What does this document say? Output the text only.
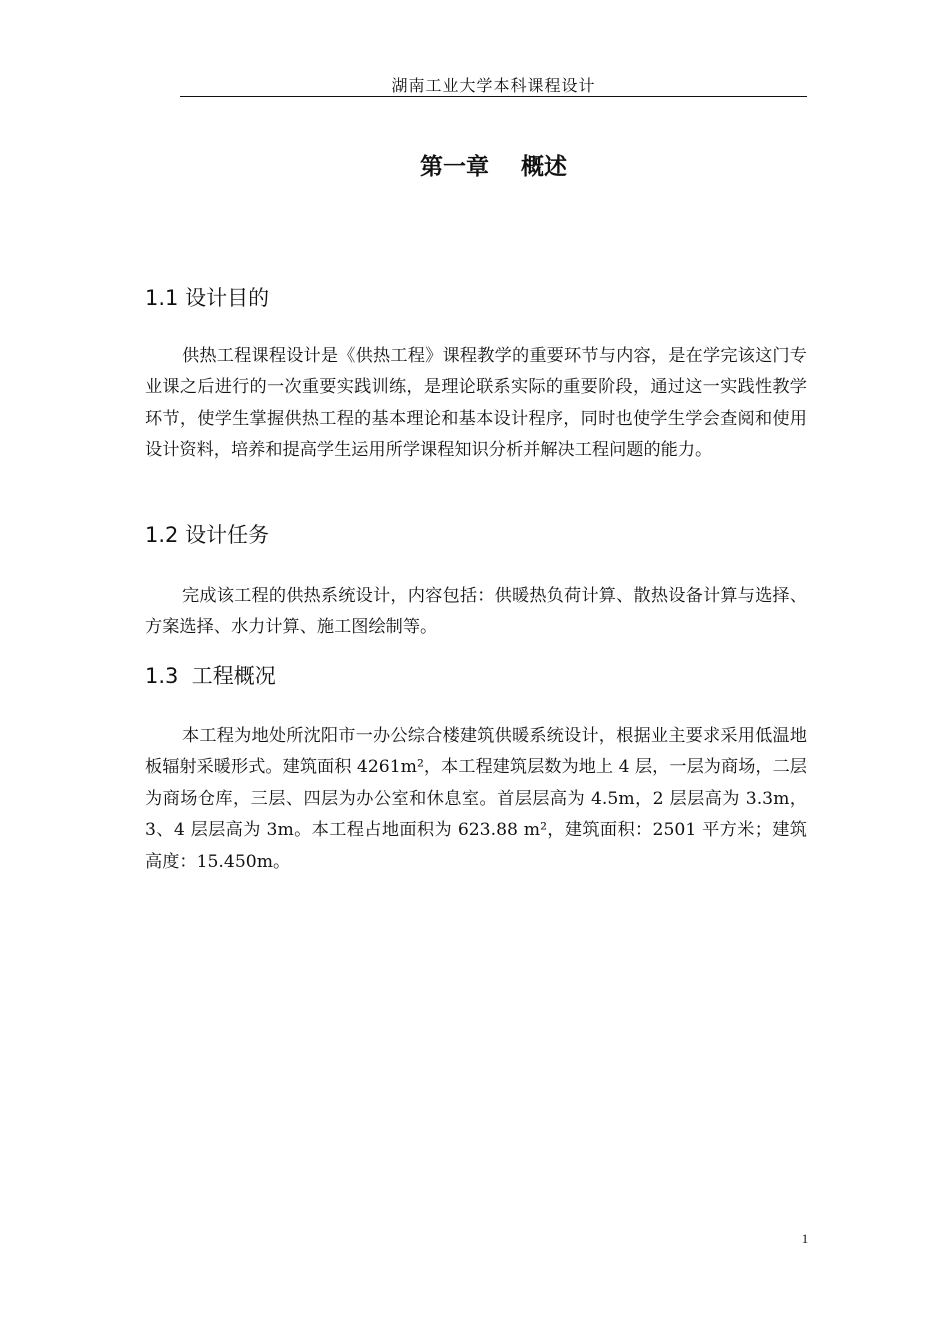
湖南工业大学本科课程设计
第一章    概述
1.1 设计目的

供热工程课程设计是《供热工程》课程教学的重要环节与内容，是在学完该这门专业课之后进行的一次重要实践训练，是理论联系实际的重要阶段，通过这一实践性教学环节，使学生掌握供热工程的基本理论和基本设计程序，同时也使学生学会查阅和使用设计资料，培养和提高学生运用所学课程知识分析并解决工程问题的能力。

1.2 设计任务

完成该工程的供热系统设计，内容包括：供暖热负荷计算、散热设备计算与选择、方案选择、水力计算、施工图绘制等。

1.3  工程概况

本工程为地处所沈阳市一办公综合楼建筑供暖系统设计，根据业主要求采用低温地板辐射采暖形式。建筑面积 4261m²，本工程建筑层数为地上 4 层，一层为商场，二层为商场仓库，三层、四层为办公室和休息室。首层层高为 4.5m，2 层层高为 3.3m，3、4 层层高为 3m。本工程占地面积为 623.88 m²，建筑面积：2501 平方米；建筑高度：15.450m。

1
